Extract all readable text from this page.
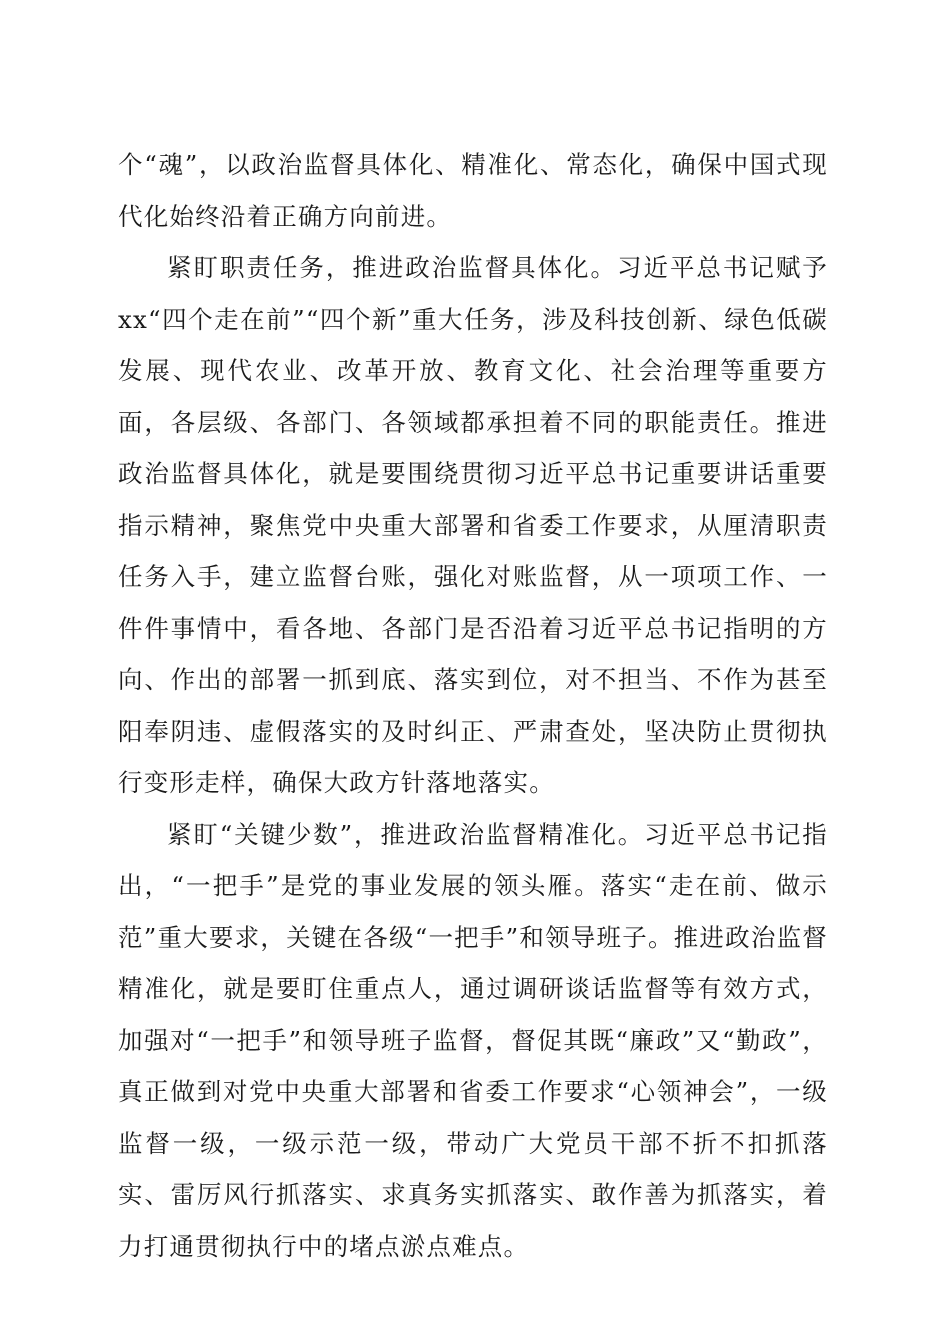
个“魂”，以政治监督具体化、精准化、常态化，确保中国式现代化始终沿着正确方向前进。

紧盯职责任务，推进政治监督具体化。习近平总书记赋予xx“四个走在前”“四个新”重大任务，涉及科技创新、绿色低碳发展、现代农业、改革开放、教育文化、社会治理等重要方面，各层级、各部门、各领域都承担着不同的职能责任。推进政治监督具体化，就是要围绕贯彻习近平总书记重要讲话重要指示精神，聚焦党中央重大部署和省委工作要求，从厘清职责任务入手，建立监督台账，强化对账监督，从一项项工作、一件件事情中，看各地、各部门是否沿着习近平总书记指明的方向、作出的部署一抓到底、落实到位，对不担当、不作为甚至阳奉阴违、虚假落实的及时纠正、严肃查处，坚决防止贯彻执行变形走样，确保大政方针落地落实。

紧盯“关键少数”，推进政治监督精准化。习近平总书记指出，“一把手”是党的事业发展的领头雁。落实“走在前、做示范”重大要求，关键在各级“一把手”和领导班子。推进政治监督精准化，就是要盯住重点人，通过调研谈话监督等有效方式，加强对“一把手”和领导班子监督，督促其既“廉政”又“勤政”，真正做到对党中央重大部署和省委工作要求“心领神会”，一级监督一级，一级示范一级，带动广大党员干部不折不扣抓落实、雷厉风行抓落实、求真务实抓落实、敢作善为抓落实，着力打通贯彻执行中的堵点淤点难点。
